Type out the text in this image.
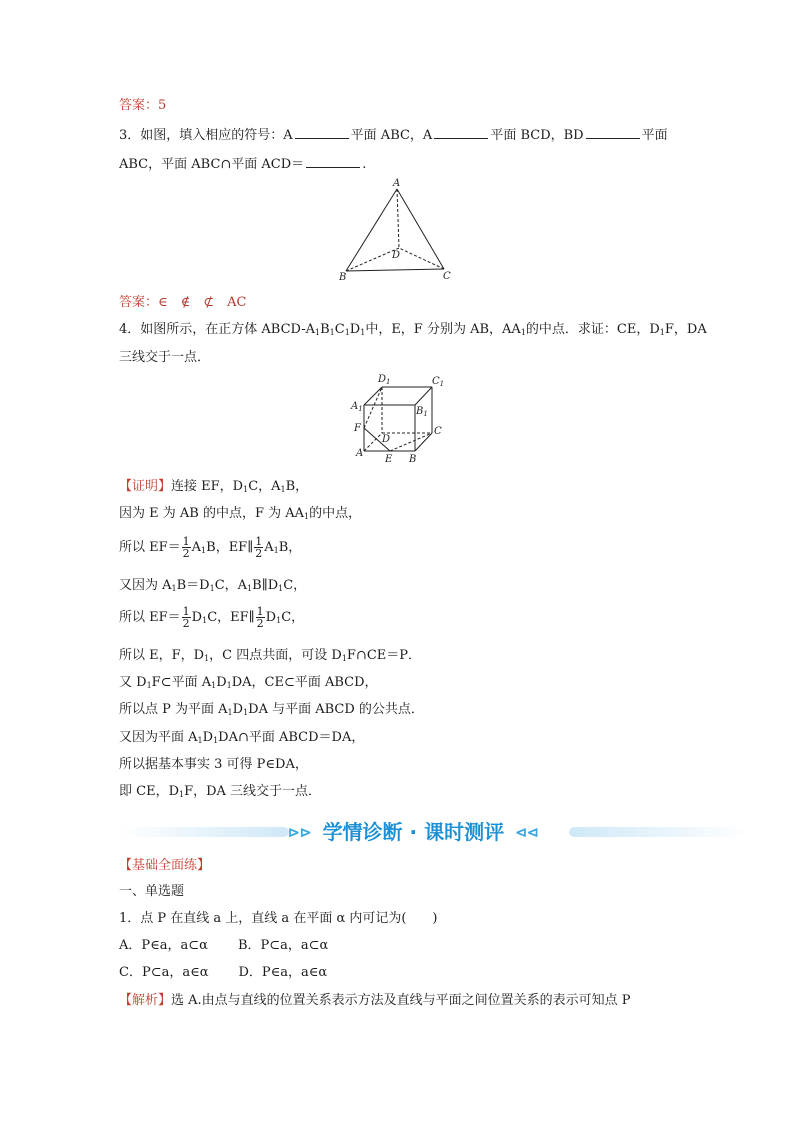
答案：5
3．如图，填入相应的符号：A	平面 ABC，A	平面 BCD，BD	平面
ABC，平面 ABC∩平面 ACD＝	.
A
B	C
D
答案：∈　∉　⊄　AC
4．如图所示，在正方体 ABCD-$A_1B_1C_1D_1$中，E，F 分别为 AB，$AA_1$的中点．求证：CE，$D_1F$，DA
三线交于一点．
$D_1$	$C_1$
$A_1$	$B_1$
F
D
C
A
E B
【证明】连接 EF，$D_1C$，$A_1B$，
因为 E 为 AB 的中点，F 为 $AA_1$的中点，
所以 $EF= \frac{1}{2} A_1B$，EF∥ $\frac{1}{2} A_1B$，
又因为 $A_1B=D_1C$，$A_1B\parallel D_1C$，
所以 $EF= \frac{1}{2} D_1C$，EF∥ $\frac{1}{2} D_1C$，
所以 E，F，$D_1$，C 四点共面，可设 $D_1F\cap CE=P$．
又 $D_1F\subset$平面 $A_1D_1DA$，CE⊂平面 ABCD，
所以点 P 为平面 $A_1D_1DA$ 与平面 ABCD 的公共点．
又因为平面 $A_1D_1DA\cap$平面 ABCD＝DA，
所以据基本事实 3 可得 P∈DA，
即 CE，$D_1F$，DA 三线交于一点．
⊳⊳ 学情诊断 · 课时测评 ⊲⊲
【基础全面练】
一、单选题
1．点 P 在直线 a 上，直线 a 在平面 α 内可记为(　　)
A．P∈a，a⊂α B．P⊂a，a⊂α
C．P⊂a，a∈α D．P∈a，a∈α
【解析】选 A.由点与直线的位置关系表示方法及直线与平面之间位置关系的表示可知点 P
